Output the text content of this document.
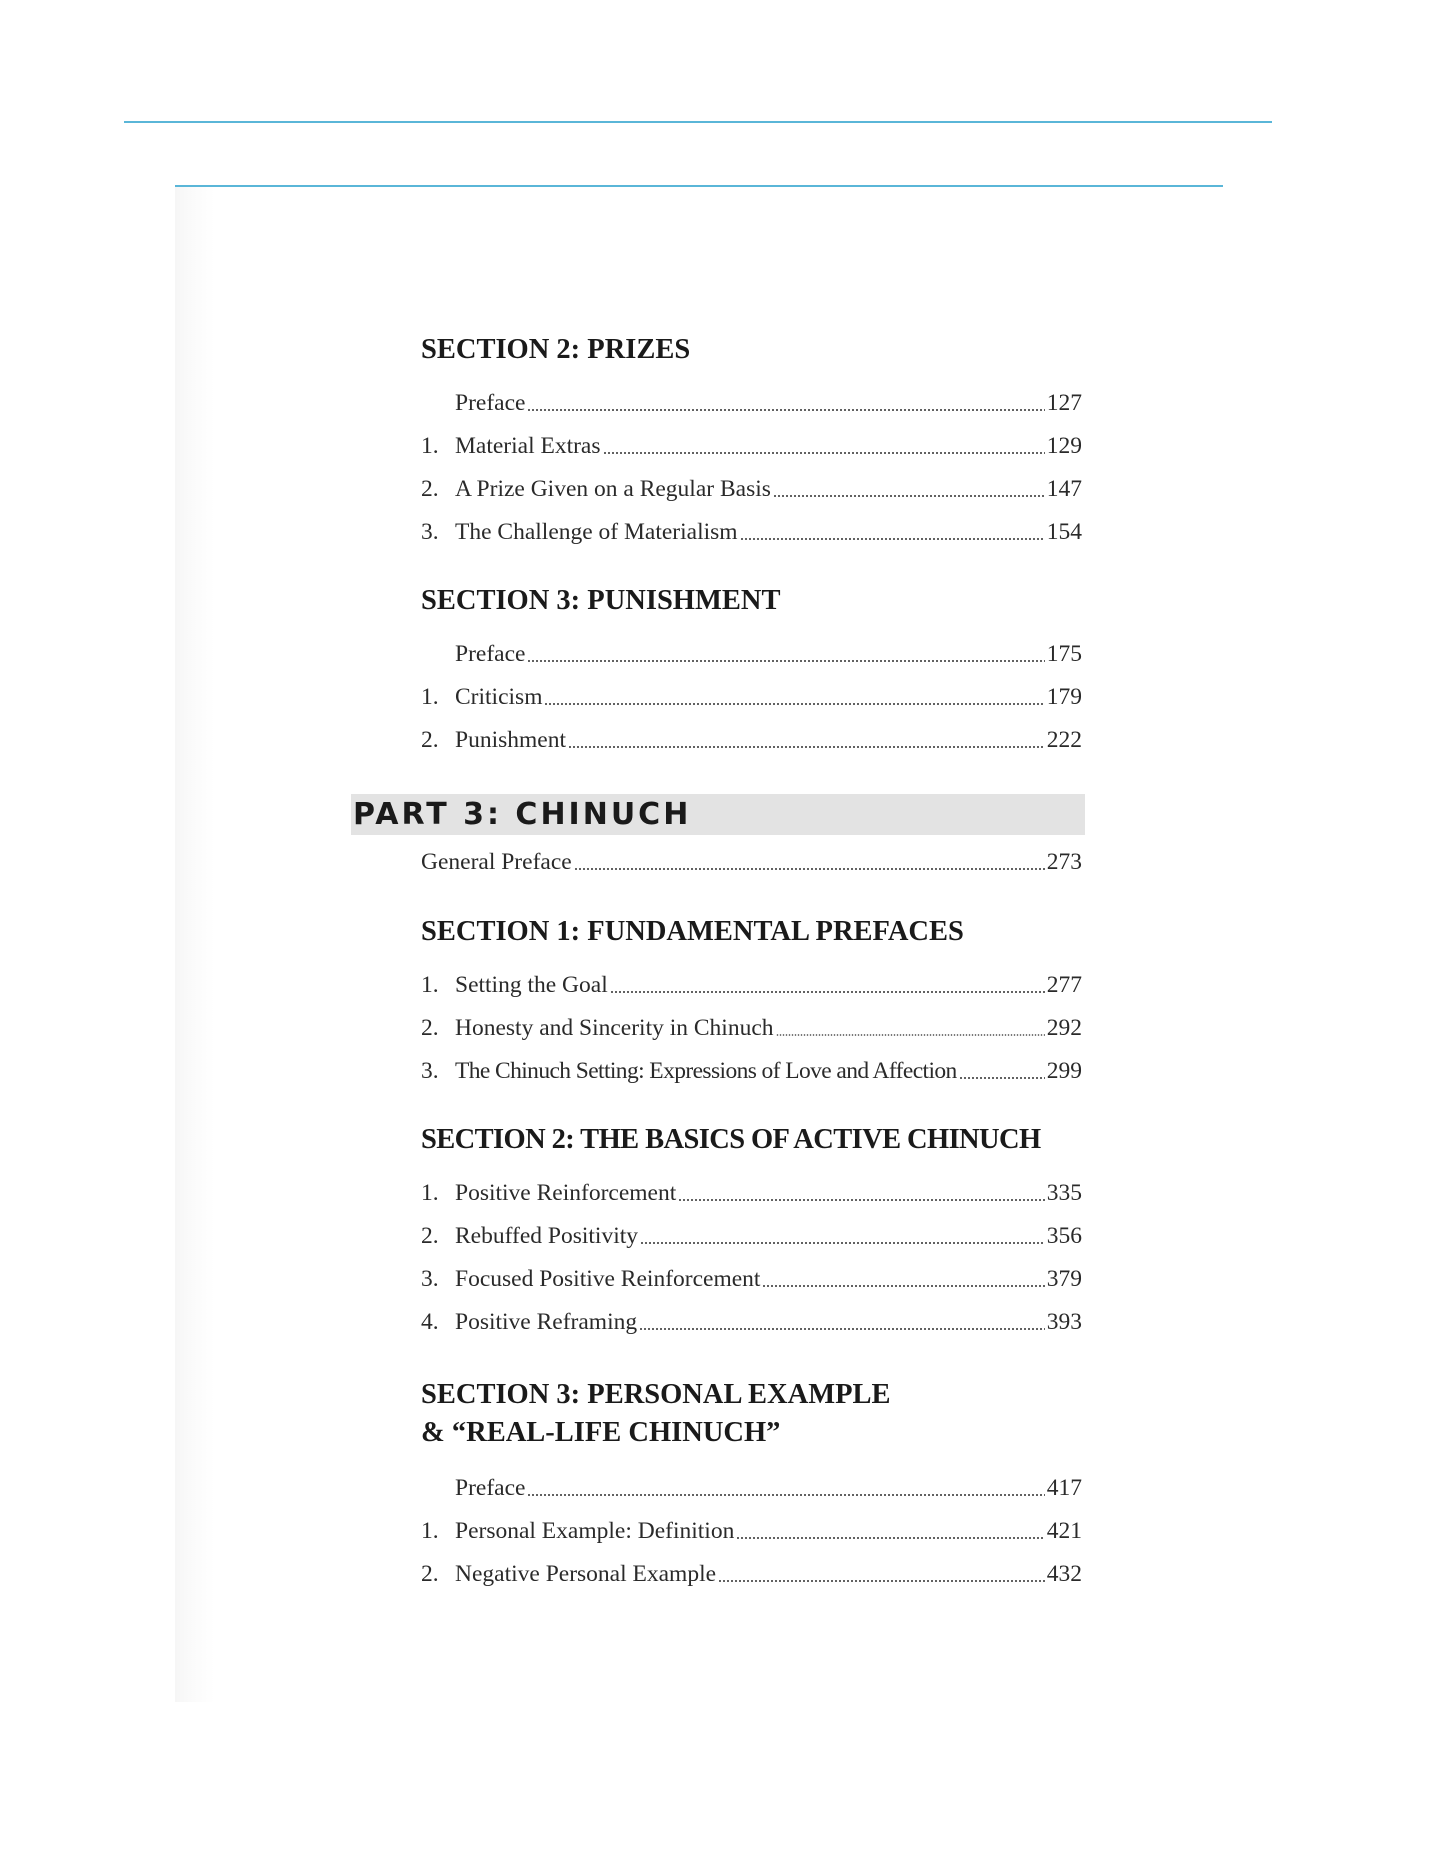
SECTION 2: PRIZES
Preface	127
1. Material Extras	129
2. A Prize Given on a Regular Basis	147
3. The Challenge of Materialism	154
SECTION 3: PUNISHMENT
Preface	175
1. Criticism	179
2. Punishment	222
PART 3: CHINUCH
General Preface	273
SECTION 1: FUNDAMENTAL PREFACES
1. Setting the Goal	277
2. Honesty and Sincerity in Chinuch	292
3. The Chinuch Setting: Expressions of Love and Affection	299
SECTION 2: THE BASICS OF ACTIVE CHINUCH
1. Positive Reinforcement	335
2. Rebuffed Positivity	356
3. Focused Positive Reinforcement	379
4. Positive Reframing	393
SECTION 3: PERSONAL EXAMPLE
& “REAL-LIFE CHINUCH”
Preface	417
1. Personal Example: Definition	421
2. Negative Personal Example	432
